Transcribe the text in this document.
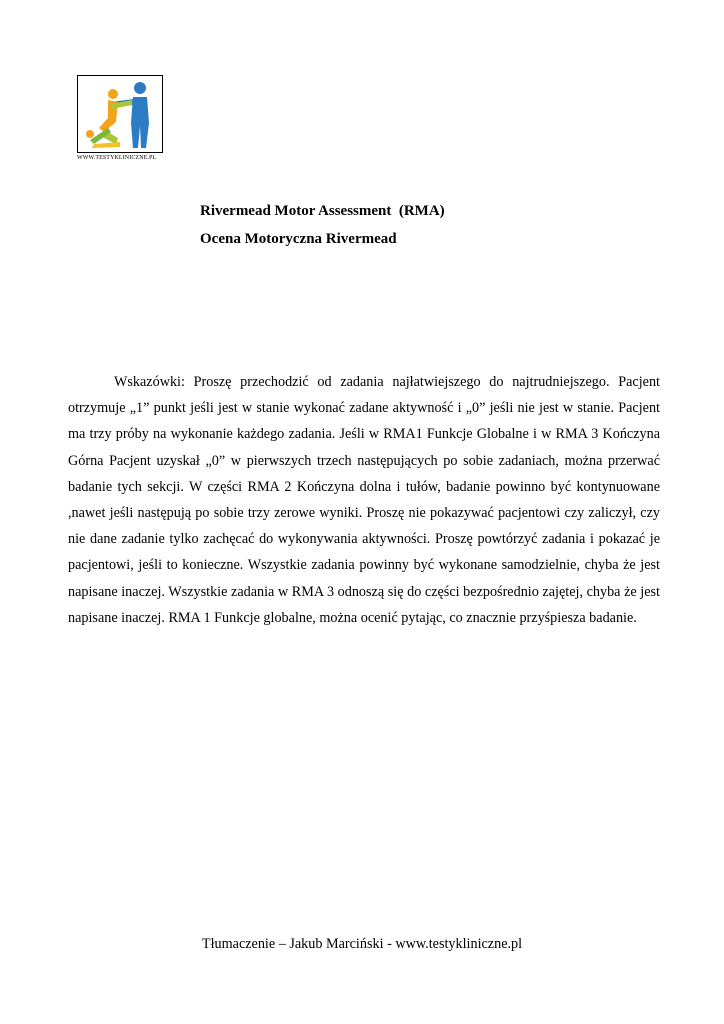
WWW.TESTYKLINICZNE.PL
Rivermead Motor Assessment  (RMA)
Ocena Motoryczna Rivermead

Wskazówki: Proszę przechodzić od zadania najłatwiejszego do najtrudniejszego. Pacjent otrzymuje „1” punkt jeśli jest w stanie wykonać zadane aktywność i „0” jeśli nie jest w stanie. Pacjent ma trzy próby na wykonanie każdego zadania. Jeśli w RMA1 Funkcje Globalne i w RMA 3 Kończyna Górna Pacjent uzyskał „0” w pierwszych trzech następujących po sobie zadaniach, można przerwać badanie tych sekcji. W części RMA 2 Kończyna dolna i tułów, badanie powinno być kontynuowane ,nawet jeśli następują po sobie trzy zerowe wyniki. Proszę nie pokazywać pacjentowi czy zaliczył, czy nie dane zadanie tylko zachęcać do wykonywania aktywności. Proszę powtórzyć zadania i pokazać je pacjentowi, jeśli to konieczne. Wszystkie zadania powinny być wykonane samodzielnie, chyba że jest napisane inaczej. Wszystkie zadania w RMA 3 odnoszą się do części bezpośrednio zajętej, chyba że jest napisane inaczej. RMA 1 Funkcje globalne, można ocenić pytając, co znacznie przyśpiesza badanie.

Tłumaczenie – Jakub Marciński - www.testykliniczne.pl
